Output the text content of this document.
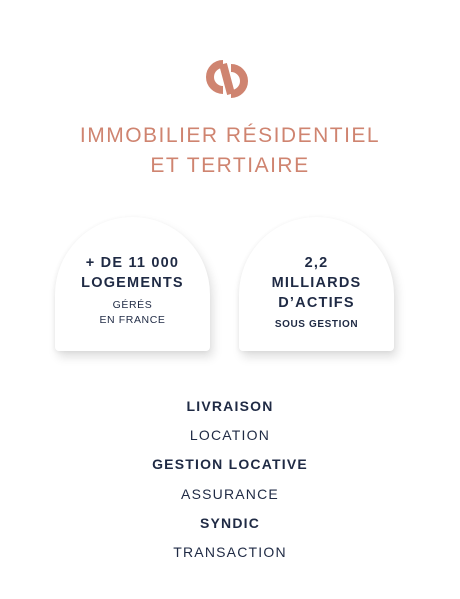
IMMOBILIER RÉSIDENTIEL
ET TERTIAIRE
+ DE 11 000
LOGEMENTS
GÉRÉS
EN FRANCE
2,2
MILLIARDS
D’ACTIFS
SOUS GESTION
LIVRAISON
LOCATION
GESTION LOCATIVE
ASSURANCE
SYNDIC
TRANSACTION
